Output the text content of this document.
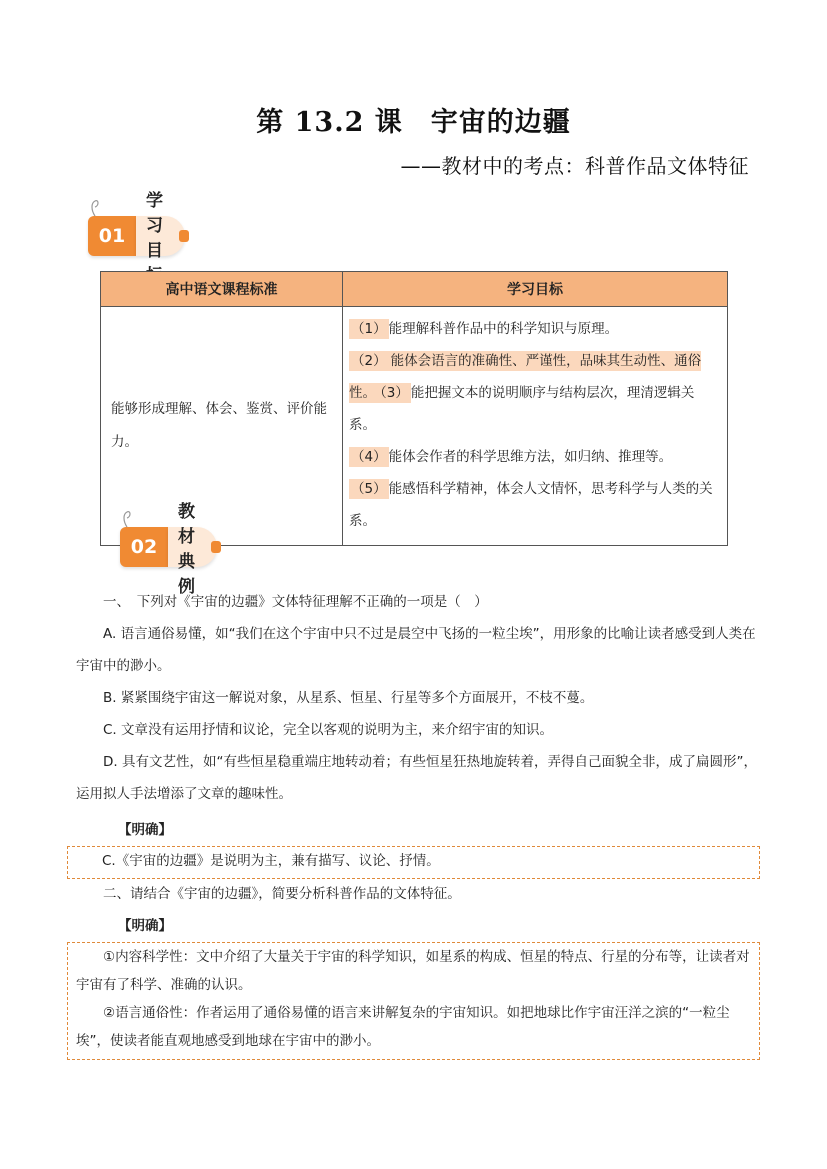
第 13.2 课　宇宙的边疆
——教材中的考点：科普作品文体特征
01
学习目
高中语文课程标准	学习目标
能够形成理解、体会、鉴赏、评价能力。	（1） 能理解科普作品中的科学知识与原理。

（2） 能体会语言的准确性、严谨性，品味其生动性、通俗性。 （3） 能把握文本的说明顺序与结构层次，理清逻辑关系。

（4） 能体会作者的科学思维方法，如归纳、推理等。

（5） 能感悟科学精神，体会人文情怀，思考科学与人类的关系。

02
教材典例

一、　下列对《宇宙的边疆》文体特征理解不正确的一项是（　）

A. 语言通俗易懂，如“我们在这个宇宙中只不过是晨空中飞扬的一粒尘埃”，用形象的比喻让读者感受到人类在宇宙中的渺小。

B. 紧紧围绕宇宙这一解说对象，从星系、恒星、行星等多个方面展开，不枝不蔓。

C. 文章没有运用抒情和议论，完全以客观的说明为主，来介绍宇宙的知识。

D. 具有文艺性，如“有些恒星稳重端庄地转动着；有些恒星狂热地旋转着，弄得自己面貌全非，成了扁圆形”，运用拟人手法增添了文章的趣味性。

【明确】
C.《宇宙的边疆》是说明为主，兼有描写、议论、抒情。
二、请结合《宇宙的边疆》，简要分析科普作品的文体特征。
【明确】

①内容科学性：文中介绍了大量关于宇宙的科学知识，如星系的构成、恒星的特点、行星的分布等，让读者对宇宙有了科学、准确的认识。

②语言通俗性：作者运用了通俗易懂的语言来讲解复杂的宇宙知识。如把地球比作宇宙汪洋之滨的“一粒尘埃”，使读者能直观地感受到地球在宇宙中的渺小。
